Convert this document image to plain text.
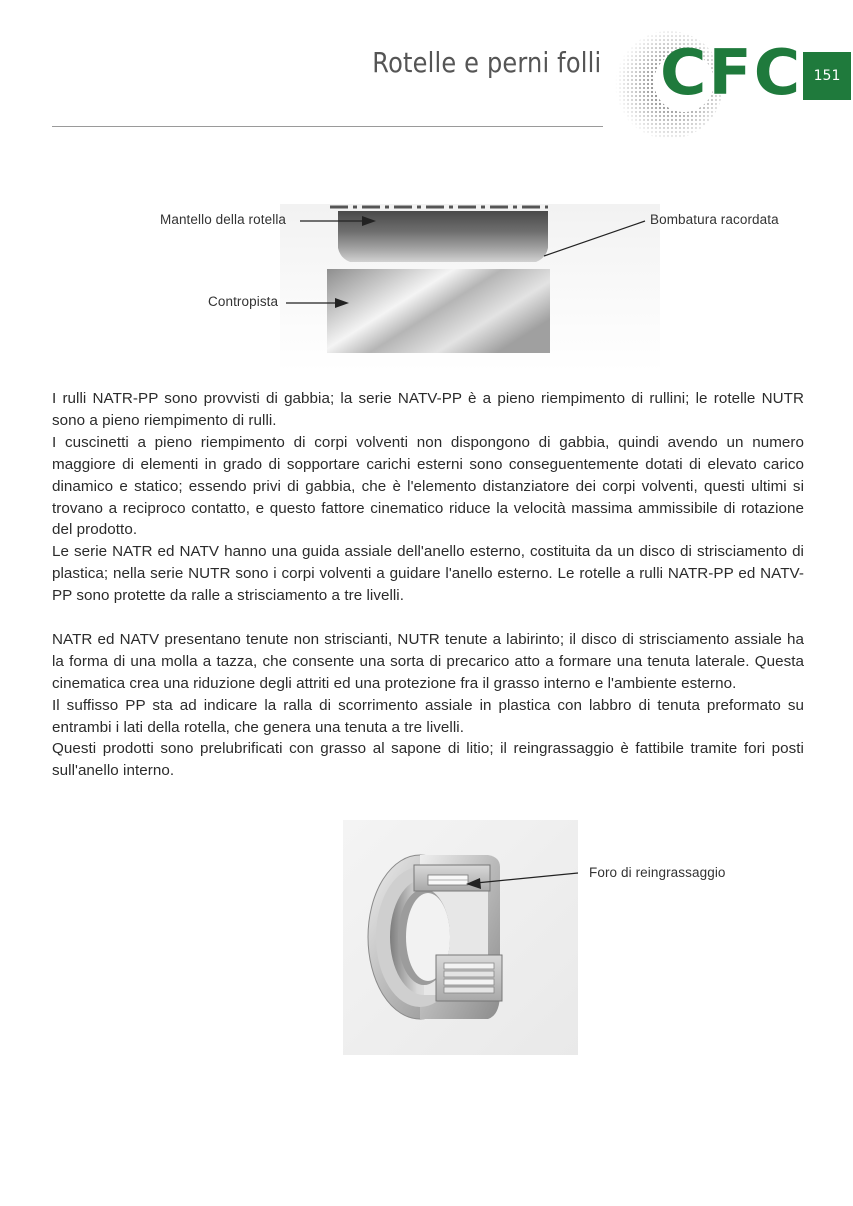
Rotelle e perni folli CFC 151
Mantello della rotella	Bombatura racordata
Contropista

I rulli NATR-PP sono provvisti di gabbia; la serie NATV-PP è a pieno riempimento di rullini; le rotelle NUTR sono a pieno riempimento di rulli.

I cuscinetti a pieno riempimento di corpi volventi non dispongono di gabbia, quindi avendo un numero maggiore di elementi in grado di sopportare carichi esterni sono conseguentemente dotati di elevato carico dinamico e statico; essendo privi di gabbia, che è l'elemento distanziatore dei corpi volventi, questi ultimi si trovano a reciproco contatto, e questo fattore cinematico riduce la velocità massima ammissibile di rotazione del prodotto.

Le serie NATR ed NATV hanno una guida assiale dell'anello esterno, costituita da un disco di strisciamento di plastica; nella serie NUTR sono i corpi volventi a guidare l'anello esterno. Le rotelle a rulli NATR-PP ed NATV-PP sono protette da ralle a strisciamento a tre livelli.

NATR ed NATV presentano tenute non striscianti, NUTR tenute a labirinto; il disco di strisciamento assiale ha la forma di una molla a tazza, che consente una sorta di precarico atto a formare una tenuta laterale. Questa cinematica crea una riduzione degli attriti ed una protezione fra il grasso interno e l'ambiente esterno.

Il suffisso PP sta ad indicare la ralla di scorrimento assiale in plastica con labbro di tenuta preformato su entrambi i lati della rotella, che genera una tenuta a tre livelli.

Questi prodotti sono prelubrificati con grasso al sapone di litio; il reingrassaggio è fattibile tramite fori posti sull'anello interno.

Foro di reingrassaggio
